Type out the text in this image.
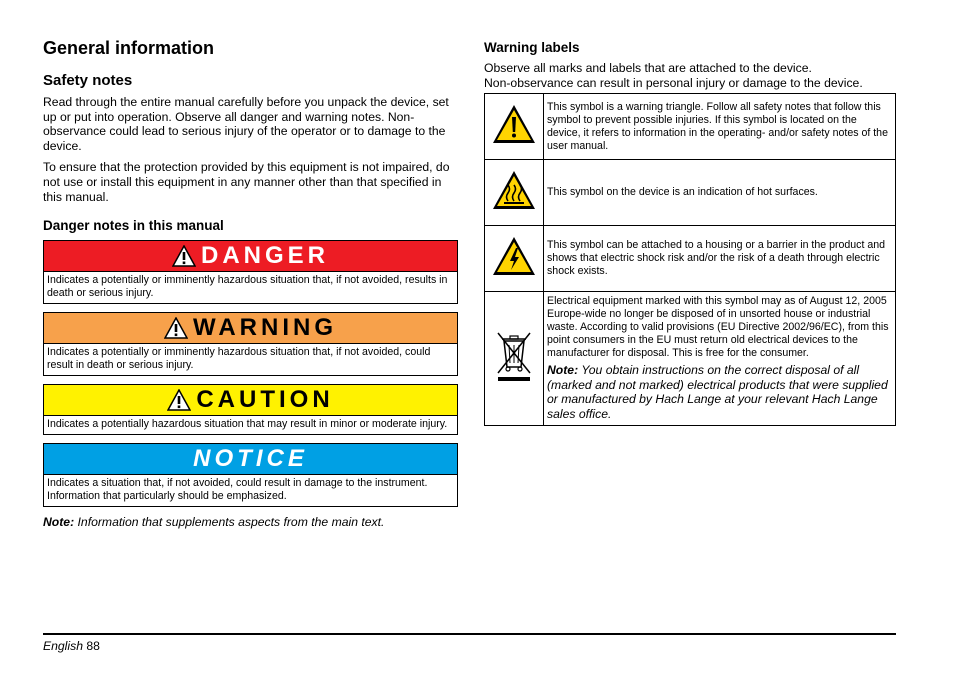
General information
Safety notes

Read through the entire manual carefully before you unpack the device, set up or put into operation. Observe all danger and warning notes. Non-observance could lead to serious injury of the operator or to damage to the device.

To ensure that the protection provided by this equipment is not impaired, do not use or install this equipment in any manner other than that specified in this manual.

Danger notes in this manual
DANGER
Indicates a potentially or imminently hazardous situation that, if not avoided, results in death or serious injury.
WARNING
Indicates a potentially or imminently hazardous situation that, if not avoided, could result in death or serious injury.
CAUTION
Indicates a potentially hazardous situation that may result in minor or moderate injury.
NOTICE
Indicates a situation that, if not avoided, could result in damage to the instrument. Information that particularly should be emphasized.
Note: Information that supplements aspects from the main text.
Warning labels

Observe all marks and labels that are attached to the device.
Non-observance can result in personal injury or damage to the device.

	This symbol is a warning triangle. Follow all safety notes that follow this symbol to prevent possible injuries. If this symbol is located on the device, it refers to information in the operating- and/or safety notes of the user manual.
	This symbol on the device is an indication of hot surfaces.
	This symbol can be attached to a housing or a barrier in the product and shows that electric shock risk and/or the risk of a death through electric shock exists.

Electrical equipment marked with this symbol may as of August 12, 2005 Europe-wide no longer be disposed of in unsorted house or industrial waste. According to valid provisions (EU Directive 2002/96/EC), from this point consumers in the EU must return old electrical devices to the manufacturer for disposal. This is free for the consumer.
Note: You obtain instructions on the correct disposal of all (marked and not marked) electrical products that were supplied or manufactured by Hach Lange at your relevant Hach Lange sales office.
English 88
